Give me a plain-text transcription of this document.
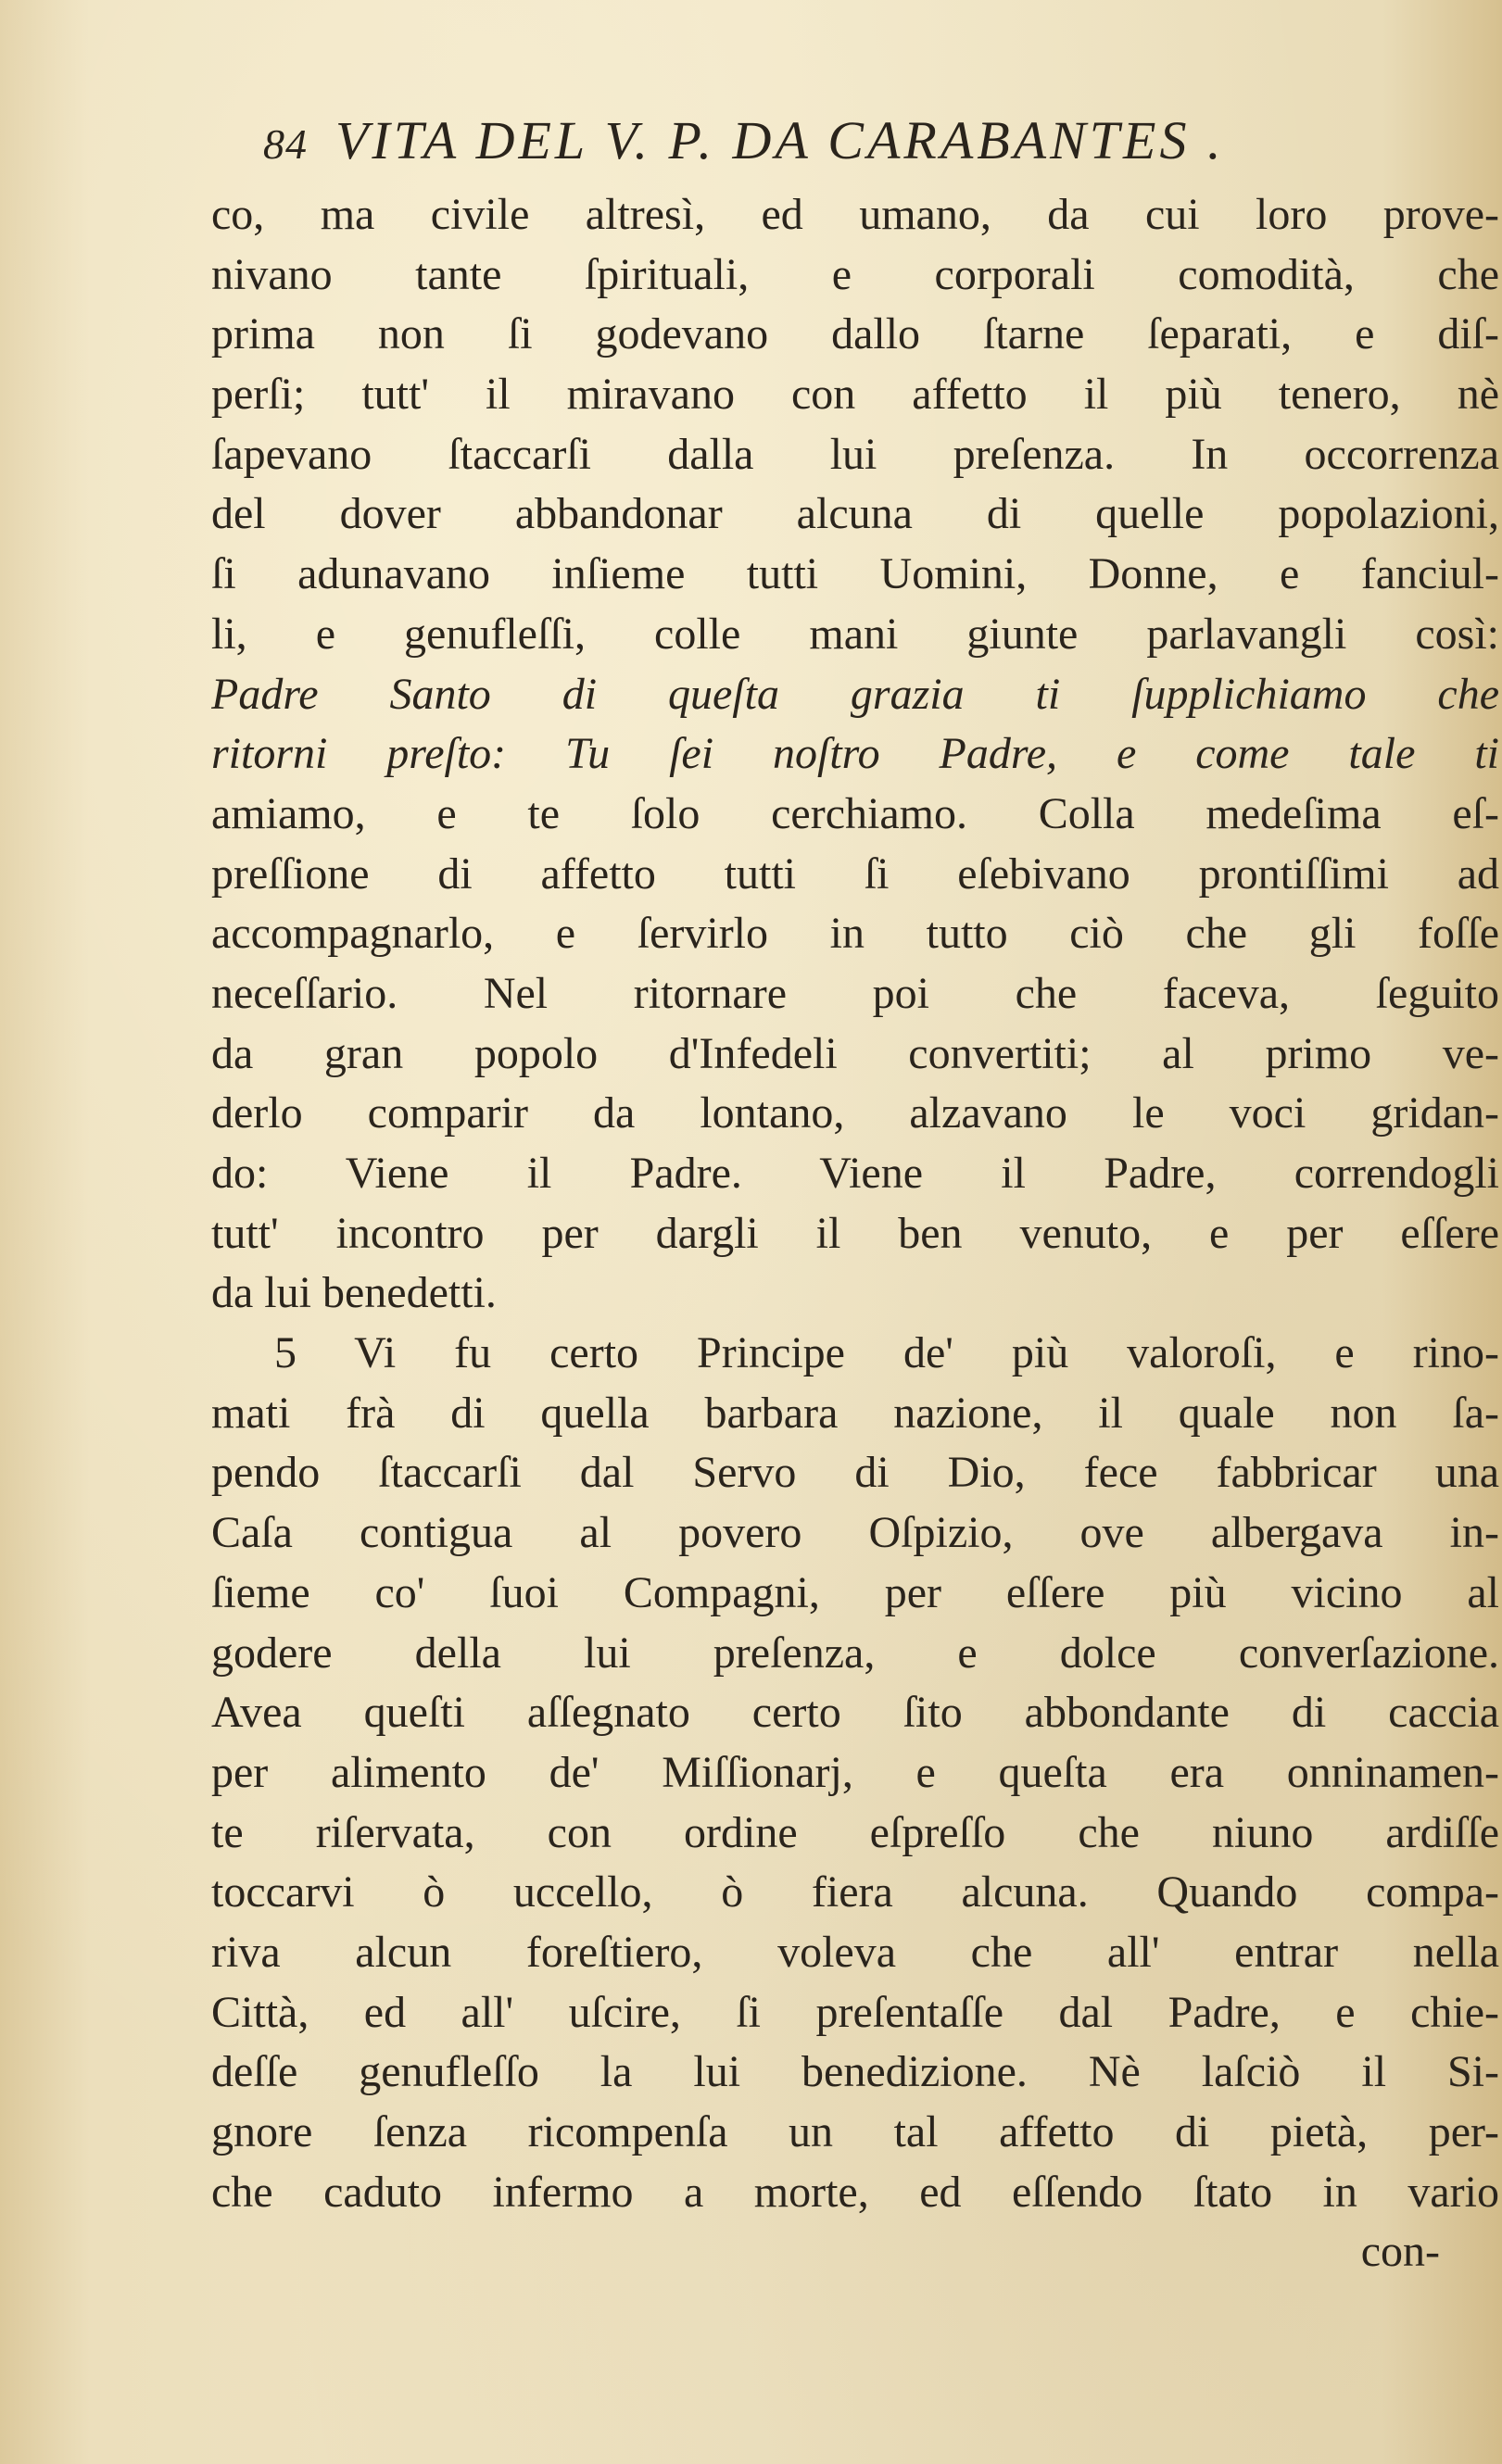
84 VITA DEL V. P. DA CARABANTES .
co, ma civile altresì, ed umano, da cui loro prove-
nivano tante ſpirituali, e corporali comodità, che
prima non ſi godevano dallo ſtarne ſeparati, e diſ-
perſi; tutt' il miravano con affetto il più tenero, nè
ſapevano ſtaccarſi dalla lui preſenza. In occorrenza
del dover abbandonar alcuna di quelle popolazioni,
ſi adunavano inſieme tutti Uomini, Donne, e fanciul-
li, e genufleſſi, colle mani giunte parlavangli così:
Padre Santo di queſta grazia ti ſupplichiamo che
ritorni preſto: Tu ſei noſtro Padre, e come tale ti
amiamo, e te ſolo cerchiamo. Colla medeſima eſ-
preſſione di affetto tutti ſi eſebivano prontiſſimi ad
accompagnarlo, e ſervirlo in tutto ciò che gli foſſe
neceſſario. Nel ritornare poi che faceva, ſeguito
da gran popolo d'Infedeli convertiti; al primo ve-
derlo comparir da lontano, alzavano le voci gridan-
do: Viene il Padre. Viene il Padre, correndogli
tutt' incontro per dargli il ben venuto, e per eſſere
da lui benedetti.
5 Vi fu certo Principe de' più valoroſi, e rino-
mati frà di quella barbara nazione, il quale non ſa-
pendo ſtaccarſi dal Servo di Dio, fece fabbricar una
Caſa contigua al povero Oſpizio, ove albergava in-
ſieme co' ſuoi Compagni, per eſſere più vicino al
godere della lui preſenza, e dolce converſazione.
Avea queſti aſſegnato certo ſito abbondante di caccia
per alimento de' Miſſionarj, e queſta era onninamen-
te riſervata, con ordine eſpreſſo che niuno ardiſſe
toccarvi ò uccello, ò fiera alcuna. Quando compa-
riva alcun foreſtiero, voleva che all' entrar nella
Città, ed all' uſcire, ſi preſentaſſe dal Padre, e chie-
deſſe genufleſſo la lui benedizione. Nè laſciò il Si-
gnore ſenza ricompenſa un tal affetto di pietà, per-
che caduto infermo a morte, ed eſſendo ſtato in vario
con-
